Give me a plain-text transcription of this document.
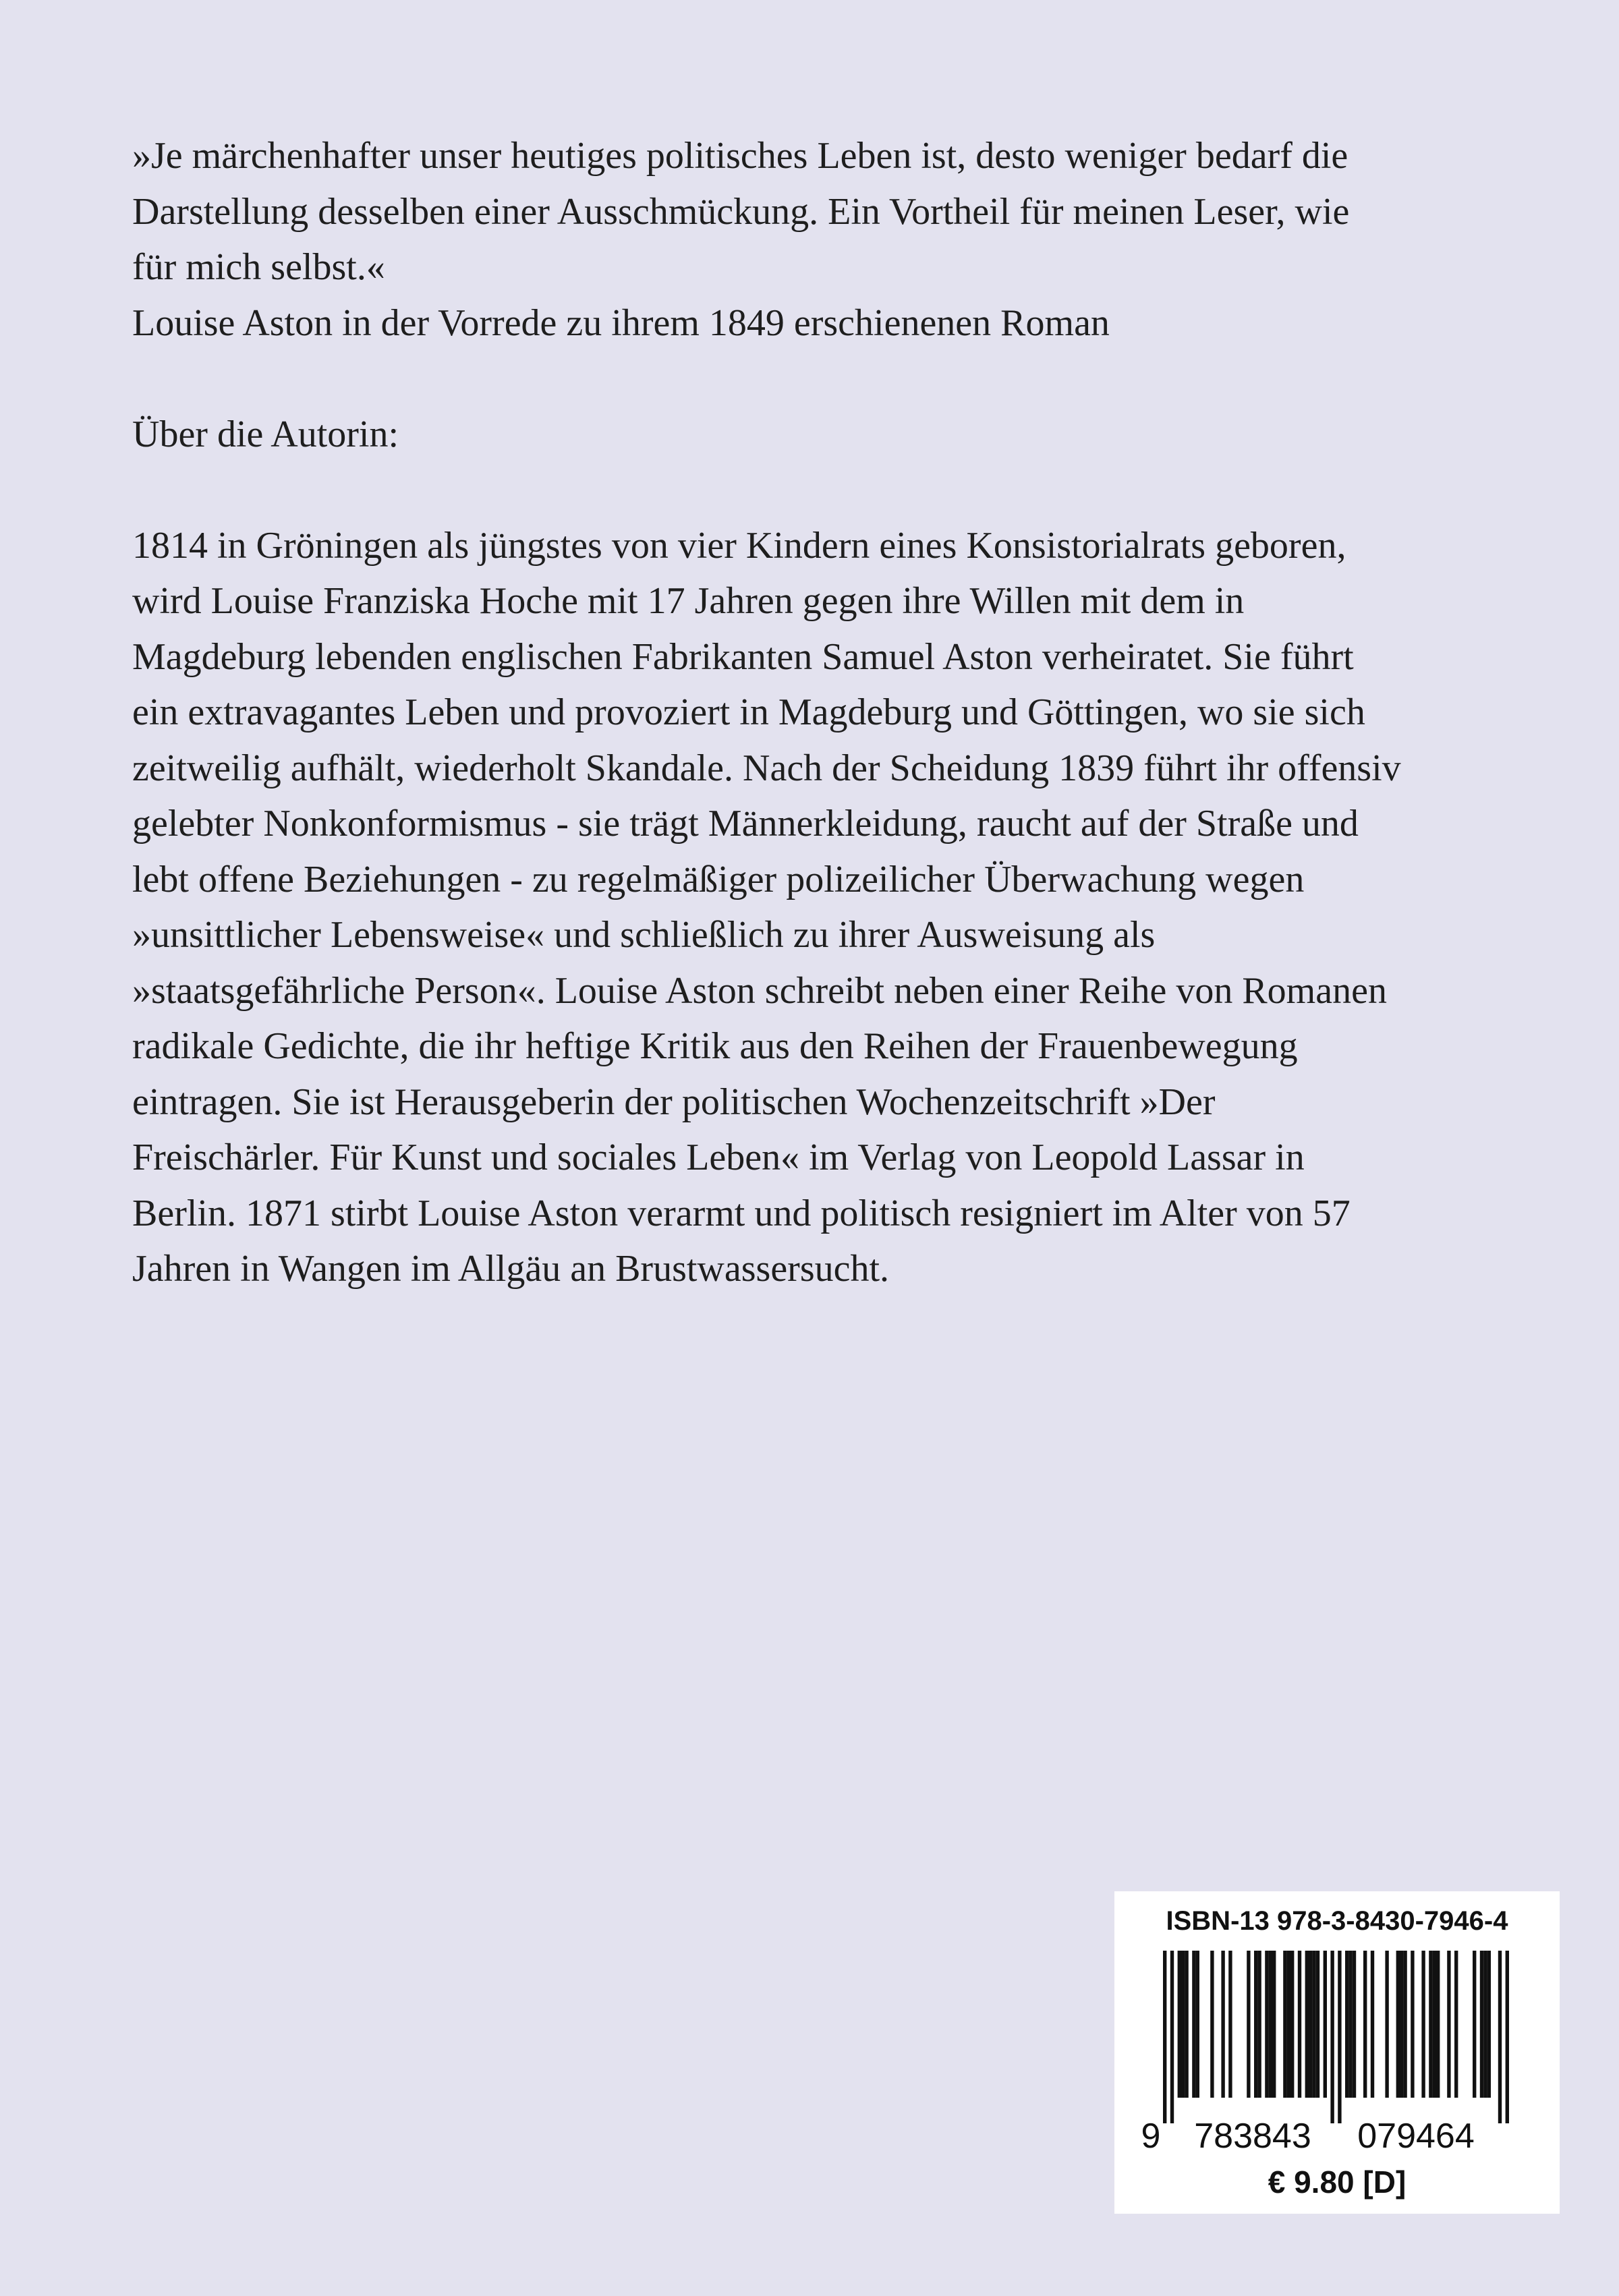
»Je märchenhafter unser heutiges politisches Leben ist, desto weniger bedarf die
Darstellung desselben einer Ausschmückung. Ein Vortheil für meinen Leser, wie
für mich selbst.«
Louise Aston in der Vorrede zu ihrem 1849 erschienenen Roman
Über die Autorin:
1814 in Gröningen als jüngstes von vier Kindern eines Konsistorialrats geboren,
wird Louise Franziska Hoche mit 17 Jahren gegen ihre Willen mit dem in
Magdeburg lebenden englischen Fabrikanten Samuel Aston verheiratet. Sie führt
ein extravagantes Leben und provoziert in Magdeburg und Göttingen, wo sie sich
zeitweilig aufhält, wiederholt Skandale. Nach der Scheidung 1839 führt ihr offensiv
gelebter Nonkonformismus - sie trägt Männerkleidung, raucht auf der Straße und
lebt offene Beziehungen - zu regelmäßiger polizeilicher Überwachung wegen
»unsittlicher Lebensweise« und schließlich zu ihrer Ausweisung als
»staatsgefährliche Person«. Louise Aston schreibt neben einer Reihe von Romanen
radikale Gedichte, die ihr heftige Kritik aus den Reihen der Frauenbewegung
eintragen. Sie ist Herausgeberin der politischen Wochenzeitschrift »Der
Freischärler. Für Kunst und sociales Leben« im Verlag von Leopold Lassar in
Berlin. 1871 stirbt Louise Aston verarmt und politisch resigniert im Alter von 57
Jahren in Wangen im Allgäu an Brustwassersucht.
ISBN-13 978-3-8430-7946-4
9 783843 079464
€ 9.80 [D]
